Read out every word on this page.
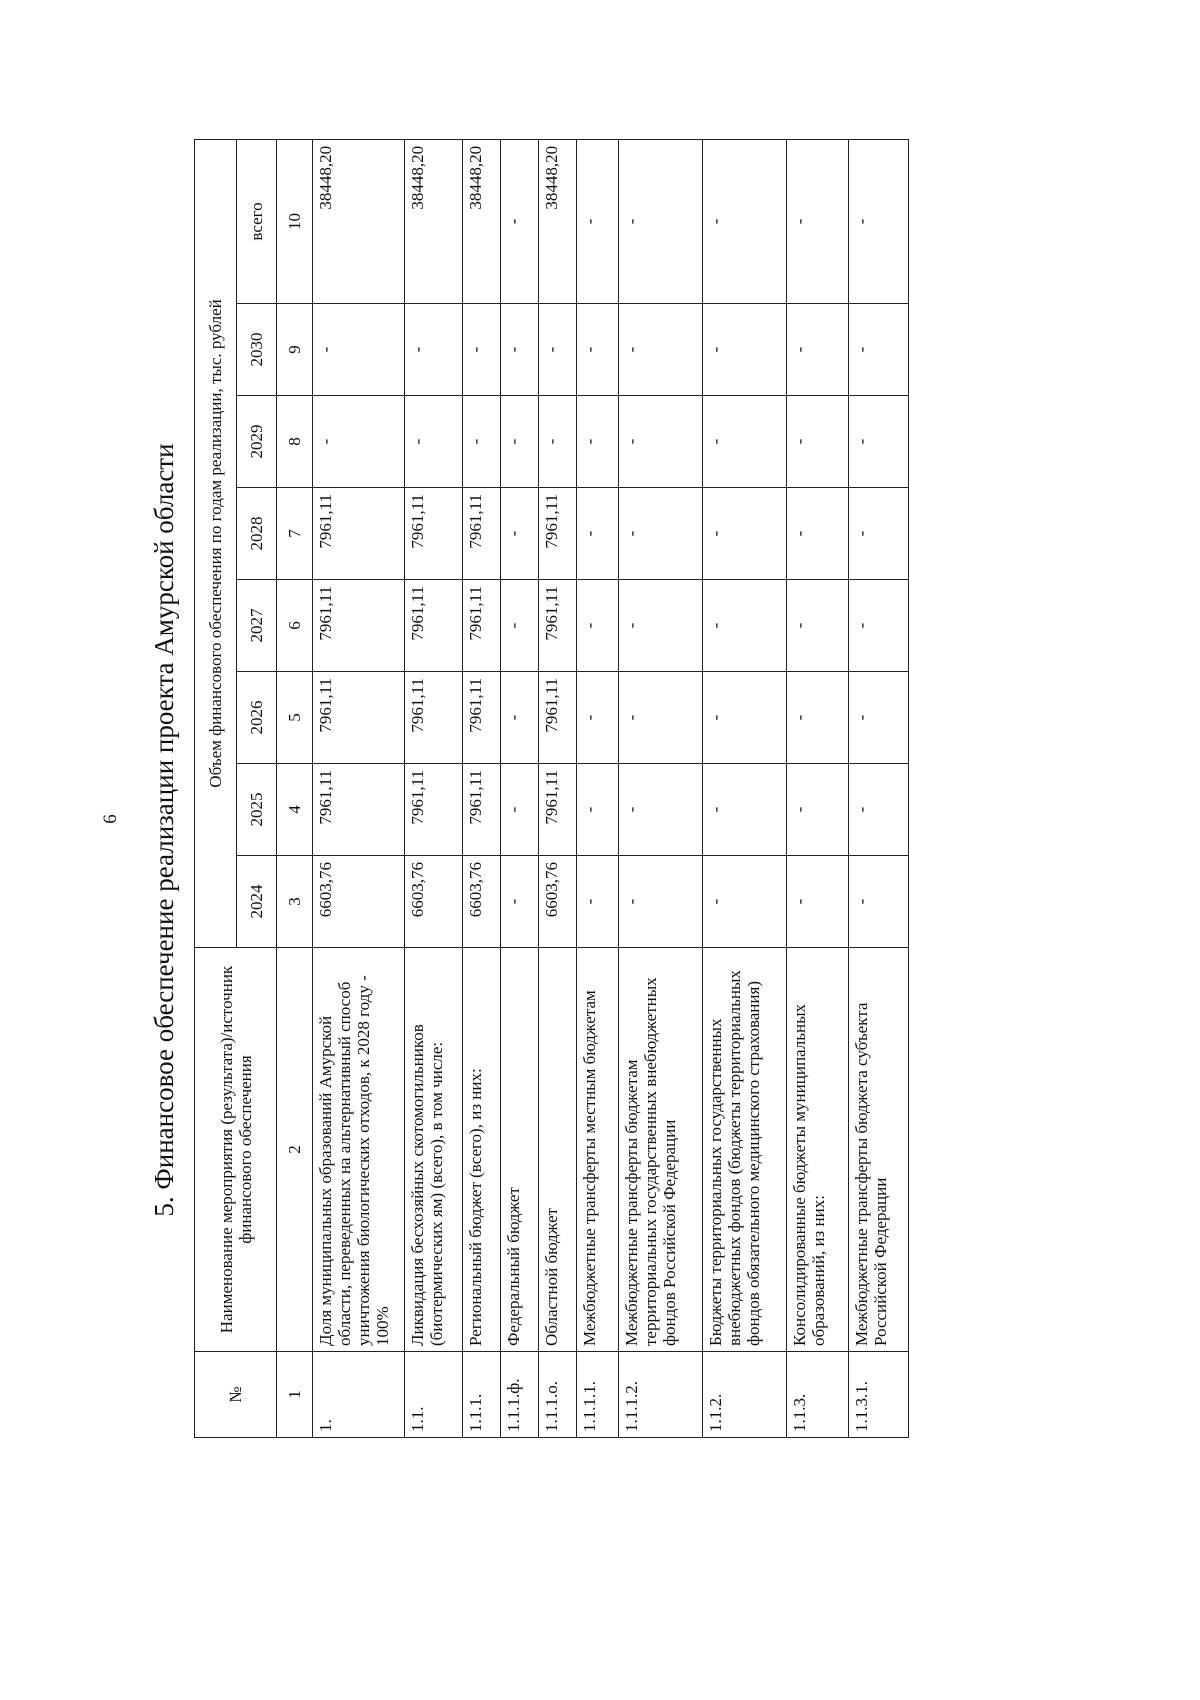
6 5. Финансовое обеспечение реализации проекта Амурской области
№	Наименование мероприятия (результата)/источник финансового обеспечения	Объем финансового обеспечения по годам реализации, тыс. рублей							
		2024	2025	2026	2027	2028	2029	2030	всего
1	2	3	4	5	6	7	8	9	10
1.	Доля муниципальных образований Амурской области, переведенных на альтернативный способ уничтожения биологических отходов, к 2028 году - 100%	6603,76	7961,11	7961,11	7961,11	7961,11	-	-	38448,20
1.1.	Ликвидация бесхозяйных скотомогильников (биотермических ям) (всего), в том числе:	6603,76	7961,11	7961,11	7961,11	7961,11	-	-	38448,20
1.1.1.	Региональный бюджет (всего), из них:	6603,76	7961,11	7961,11	7961,11	7961,11	-	-	38448,20
1.1.1.ф.	Федеральный бюджет	-	-	-	-	-	-	-	-
1.1.1.о.	Областной бюджет	6603,76	7961,11	7961,11	7961,11	7961,11	-	-	38448,20
1.1.1.1.	Межбюджетные трансферты местным бюджетам	-	-	-	-	-	-	-	-
1.1.1.2.	Межбюджетные трансферты бюджетам территориальных государственных внебюджетных фондов Российской Федерации	-	-	-	-	-	-	-	-
1.1.2.	Бюджеты территориальных государственных внебюджетных фондов (бюджеты территориальных фондов обязательного медицинского страхования)	-	-	-	-	-	-	-	-
1.1.3.	Консолидированные бюджеты муниципальных образований, из них:	-	-	-	-	-	-	-	-
1.1.3.1.	Межбюджетные трансферты бюджета субъекта Российской Федерации	-	-	-	-	-	-	-	-
